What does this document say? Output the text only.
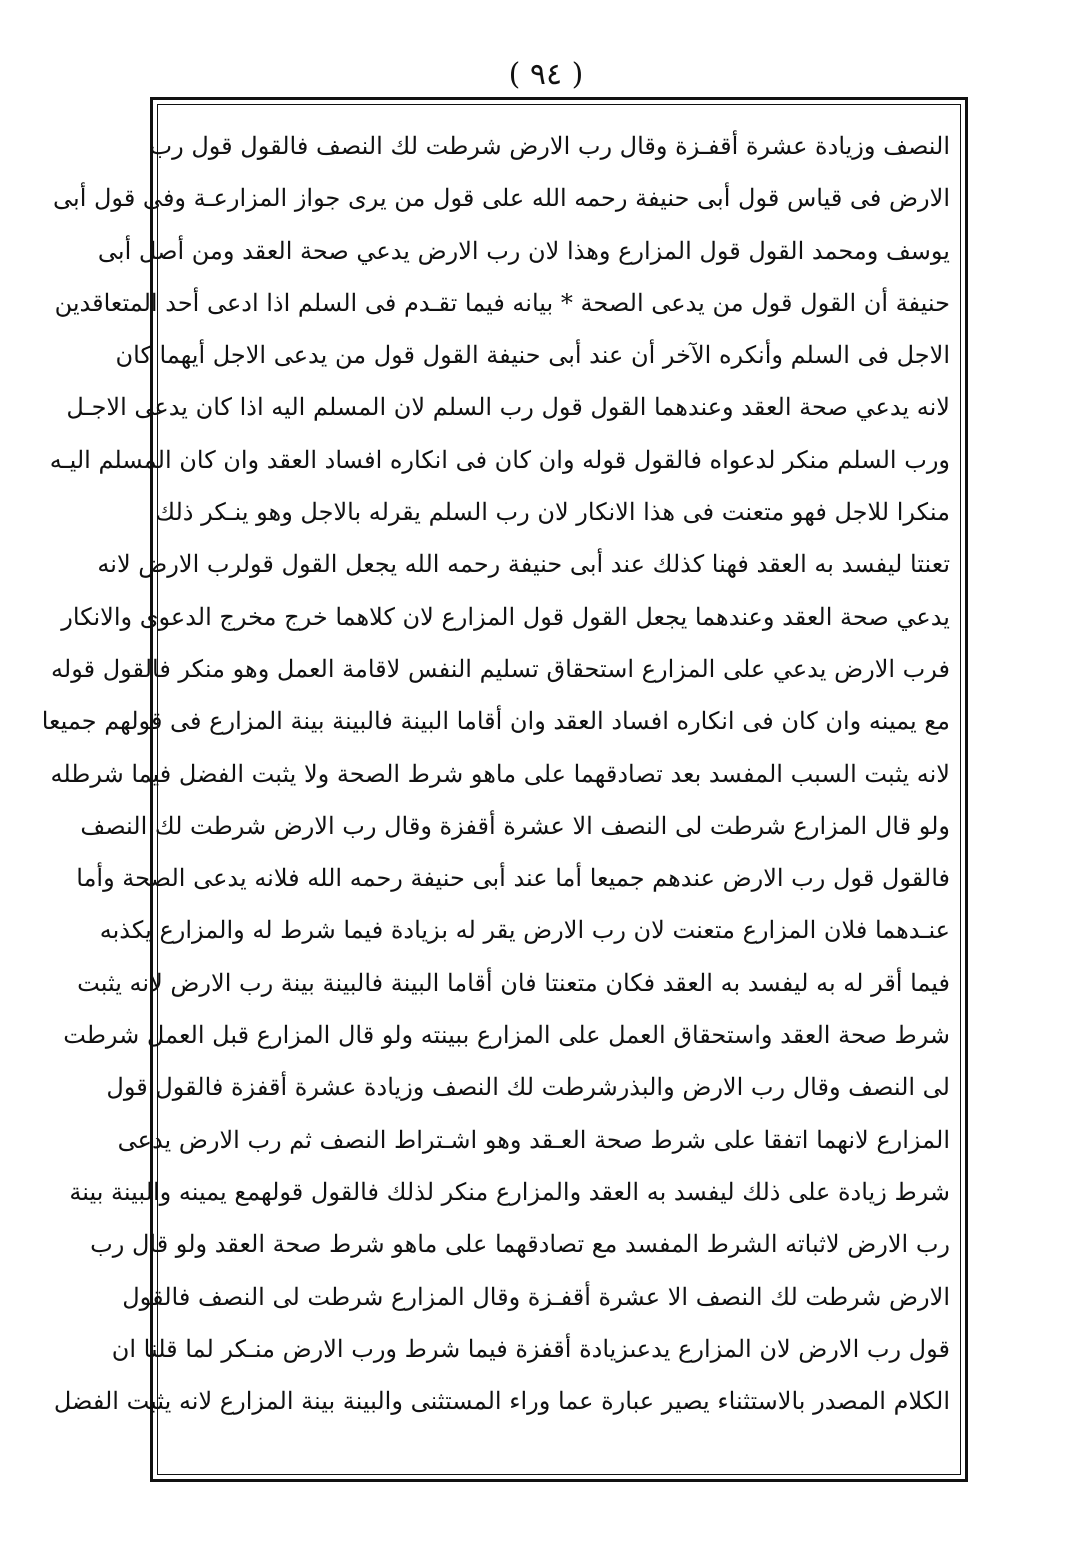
( ٩٤ )
النصف وزيادة عشرة أقفـزة وقال رب الارض شرطت لك النصف فالقول قول رب
الارض فى قياس قول أبى حنيفة رحمه الله على قول من يرى جواز المزارعـة وفى قول أبى
يوسف ومحمد القول قول المزارع وهذا لان رب الارض يدعي صحة العقد ومن أصل أبى
حنيفة أن القول قول من يدعى الصحة * بيانه فيما تقـدم فى السلم اذا ادعى أحد المتعاقدين
الاجل فى السلم وأنكره الآخر أن عند أبى حنيفة القول قول من يدعى الاجل أيهما كان
لانه يدعي صحة العقد وعندهما القول قول رب السلم لان المسلم اليه اذا كان يدعى الاجـل
ورب السلم منكر لدعواه فالقول قوله وان كان فى انكاره افساد العقد وان كان المسلم اليـه
منكرا للاجل فهو متعنت فى هذا الانكار لان رب السلم يقرله بالاجل وهو ينـكر ذلك
تعنتا ليفسد به العقد فهنا كذلك عند أبى حنيفة رحمه الله يجعل القول قولرب الارض لانه
يدعي صحة العقد وعندهما يجعل القول قول المزارع لان كلاهما خرج مخرج الدعوى والانكار
فرب الارض يدعي على المزارع استحقاق تسليم النفس لاقامة العمل وهو منكر فالقول قوله
مع يمينه وان كان فى انكاره افساد العقد وان أقاما البينة فالبينة بينة المزارع فى قولهم جميعا
لانه يثبت السبب المفسد بعد تصادقهما على ماهو شرط الصحة ولا يثبت الفضل فيما شرطله
ولو قال المزارع شرطت لى النصف الا عشرة أقفزة وقال رب الارض شرطت لك النصف
فالقول قول رب الارض عندهم جميعا أما عند أبى حنيفة رحمه الله فلانه يدعى الصحة وأما
عنـدهما فلان المزارع متعنت لان رب الارض يقر له بزيادة فيما شرط له والمزارع يكذبه
فيما أقر له به ليفسد به العقد فكان متعنتا فان أقاما البينة فالبينة بينة رب الارض لانه يثبت
شرط صحة العقد واستحقاق العمل على المزارع ببينته ولو قال المزارع قبل العمل شرطت
لى النصف وقال رب الارض والبذرشرطت لك النصف وزيادة عشرة أقفزة فالقول قول
المزارع لانهما اتفقا على شرط صحة العـقد وهو اشـتراط النصف ثم رب الارض يدعى
شرط زيادة على ذلك ليفسد به العقد والمزارع منكر لذلك فالقول قولهمع يمينه والبينة بينة
رب الارض لاثباته الشرط المفسد مع تصادقهما على ماهو شرط صحة العقد ولو قال رب
الارض شرطت لك النصف الا عشرة أقفـزة وقال المزارع شرطت لى النصف فالقول
قول رب الارض لان المزارع يدعىزيادة أقفزة فيما شرط ورب الارض منـكر لما قلنا ان
الكلام المصدر بالاستثناء يصير عبارة عما وراء المستثنى والبينة بينة المزارع لانه يثبت الفضل
